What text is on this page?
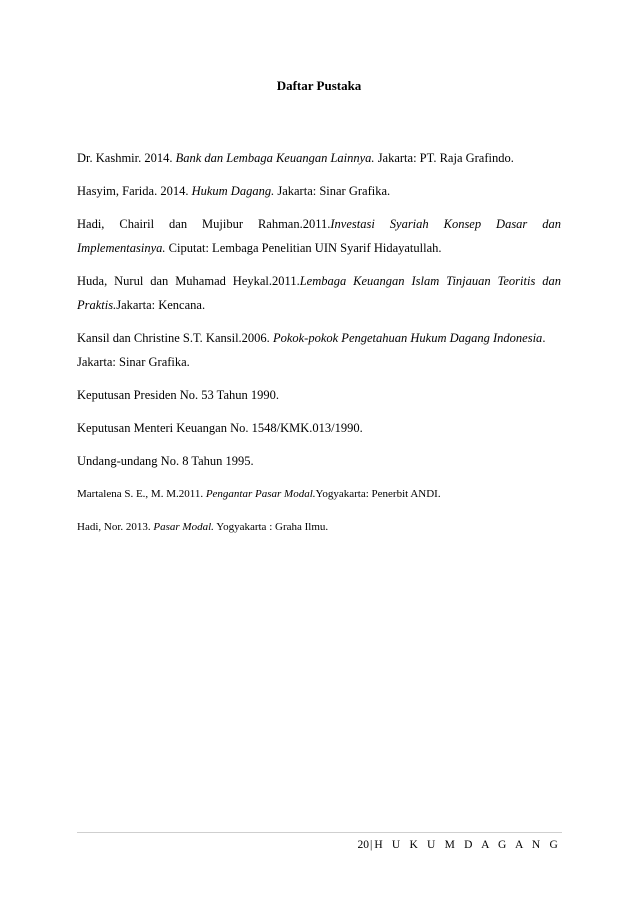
Daftar Pustaka

Dr. Kashmir. 2014. Bank dan Lembaga Keuangan Lainnya. Jakarta: PT. Raja Grafindo.

Hasyim, Farida. 2014. Hukum Dagang. Jakarta: Sinar Grafika.

Hadi, Chairil dan Mujibur Rahman.2011.Investasi Syariah Konsep Dasar dan

Implementasinya. Ciputat: Lembaga Penelitian UIN Syarif Hidayatullah.

Huda, Nurul dan Muhamad Heykal.2011.Lembaga Keuangan Islam Tinjauan Teoritis dan

Praktis.Jakarta: Kencana.

Kansil dan Christine S.T. Kansil.2006. Pokok-pokok Pengetahuan Hukum Dagang Indonesia.

Jakarta: Sinar Grafika.

Keputusan Presiden No. 53 Tahun 1990.

Keputusan Menteri Keuangan No. 1548/KMK.013/1990.

Undang-undang No. 8 Tahun 1995.

Martalena S. E., M. M.2011. Pengantar Pasar Modal.Yogyakarta: Penerbit ANDI.

Hadi, Nor. 2013. Pasar Modal. Yogyakarta : Graha Ilmu.

20| H U K U M D A G A N G
